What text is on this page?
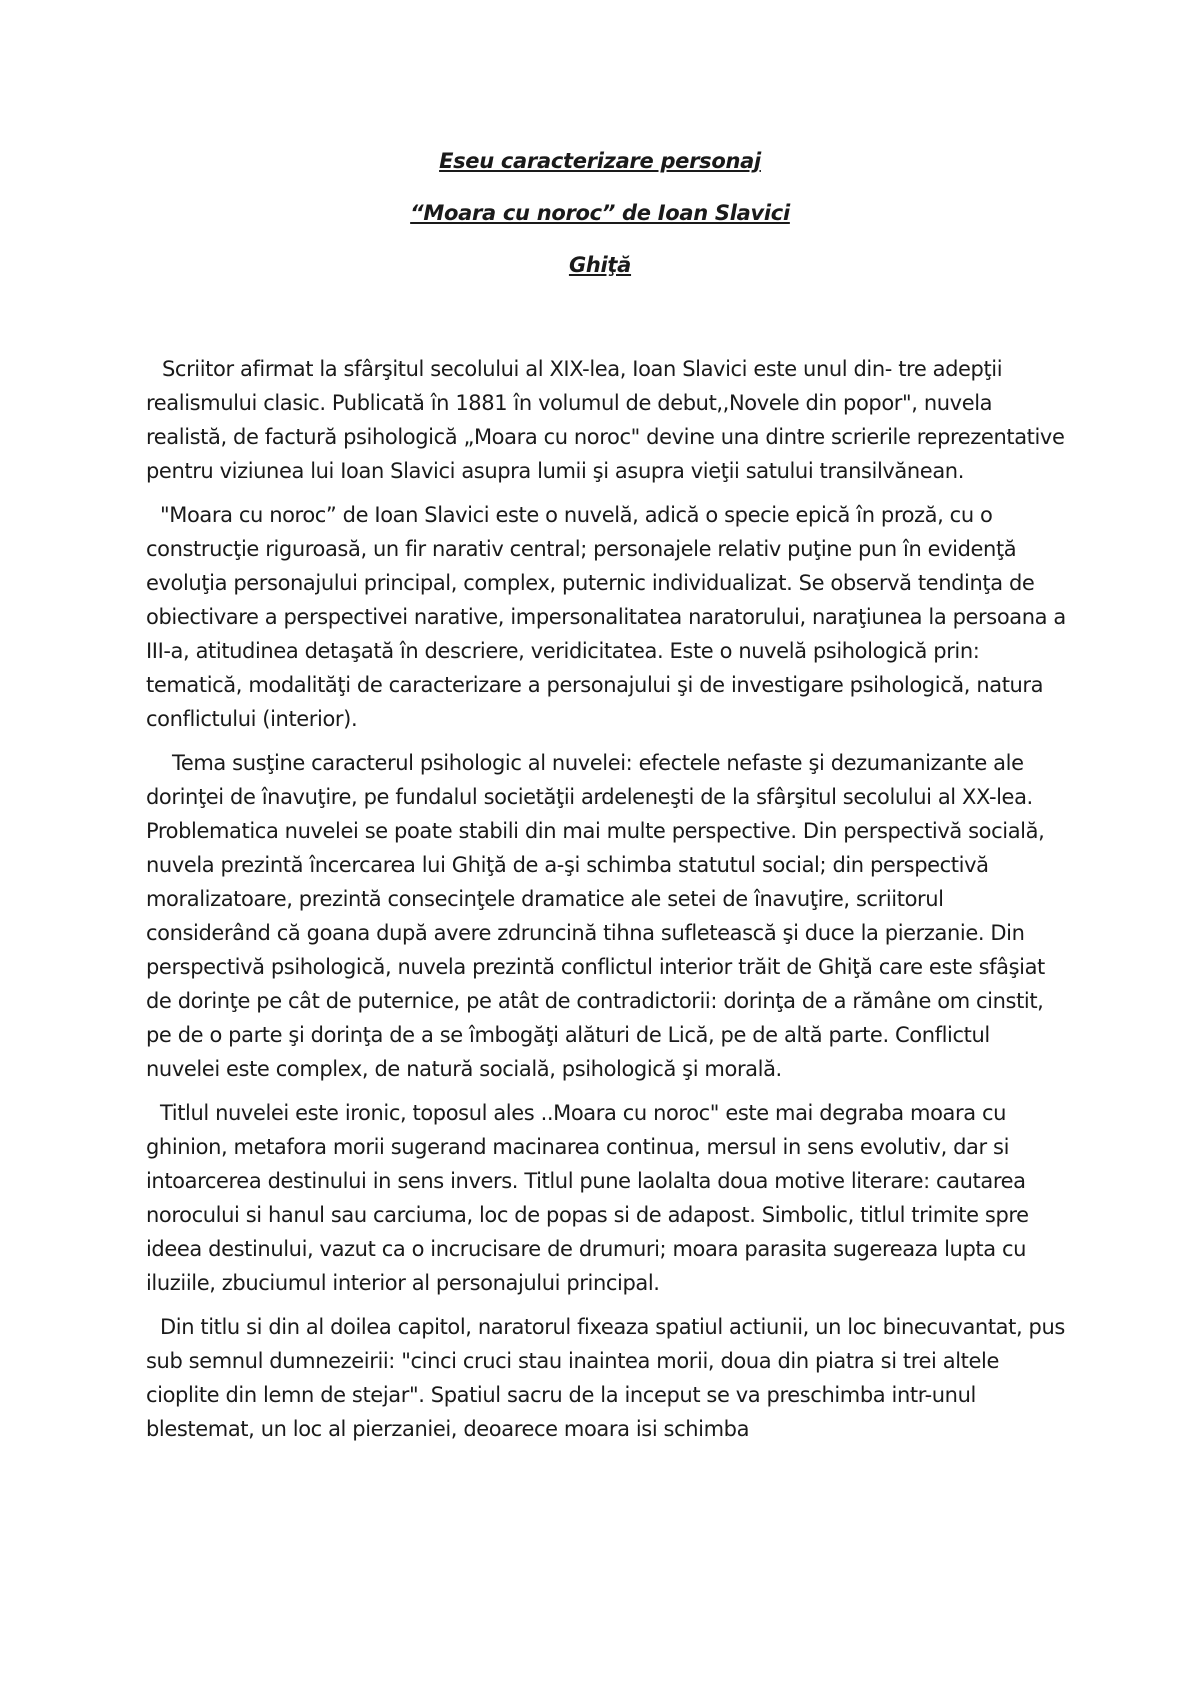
Eseu caracterizare personaj
“Moara cu noroc” de Ioan Slavici
Ghiţă

Scriitor afirmat la sfârşitul secolului al XIX-lea, Ioan Slavici este unul din- tre adepţii realismului clasic. Publicată în 1881 în volumul de debut,,Novele din popor", nuvela realistă, de factură psihologică „Moara cu noroc" devine una dintre scrierile reprezentative pentru viziunea lui Ioan Slavici asupra lumii şi asupra vieţii satului transilvănean.

"Moara cu noroc” de Ioan Slavici este o nuvelă, adică o specie epică în proză, cu o construcţie riguroasă, un fir narativ central; personajele relativ puţine pun în evidenţă evoluţia personajului principal, complex, puternic individualizat. Se observă tendinţa de obiectivare a perspectivei narative, impersonalitatea naratorului, naraţiunea la persoana a III-a, atitudinea detaşată în descriere, veridicitatea. Este o nuvelă psihologică prin: tematică, modalităţi de caracterizare a personajului şi de investigare psihologică, natura conflictului (interior).

Tema susţine caracterul psihologic al nuvelei: efectele nefaste şi dezumanizante ale dorinţei de înavuţire, pe fundalul societăţii ardeleneşti de la sfârşitul secolului al XX-lea. Problematica nuvelei se poate stabili din mai multe perspective. Din perspectivă socială, nuvela prezintă încercarea lui Ghiţă de a-şi schimba statutul social; din perspectivă moralizatoare, prezintă consecinţele dramatice ale setei de înavuţire, scriitorul considerând că goana după avere zdruncină tihna sufletească şi duce la pierzanie. Din perspectivă psihologică, nuvela prezintă conflictul interior trăit de Ghiţă care este sfâşiat de dorinţe pe cât de puternice, pe atât de contradictorii: dorinţa de a rămâne om cinstit, pe de o parte şi dorinţa de a se îmbogăţi alături de Lică, pe de altă parte. Conflictul nuvelei este complex, de natură socială, psihologică şi morală.

Titlul nuvelei este ironic, toposul ales ..Moara cu noroc" este mai degraba moara cu ghinion, metafora morii sugerand macinarea continua, mersul in sens evolutiv, dar si intoarcerea destinului in sens invers. Titlul pune laolalta doua motive literare: cautarea norocului si hanul sau carciuma, loc de popas si de adapost. Simbolic, titlul trimite spre ideea destinului, vazut ca o incrucisare de drumuri; moara parasita sugereaza lupta cu iluziile, zbuciumul interior al personajului principal.

Din titlu si din al doilea capitol, naratorul fixeaza spatiul actiunii, un loc binecuvantat, pus sub semnul dumnezeirii: "cinci cruci stau inaintea morii, doua din piatra si trei altele cioplite din lemn de stejar". Spatiul sacru de la inceput se va preschimba intr-unul blestemat, un loc al pierzaniei, deoarece moara isi schimba
